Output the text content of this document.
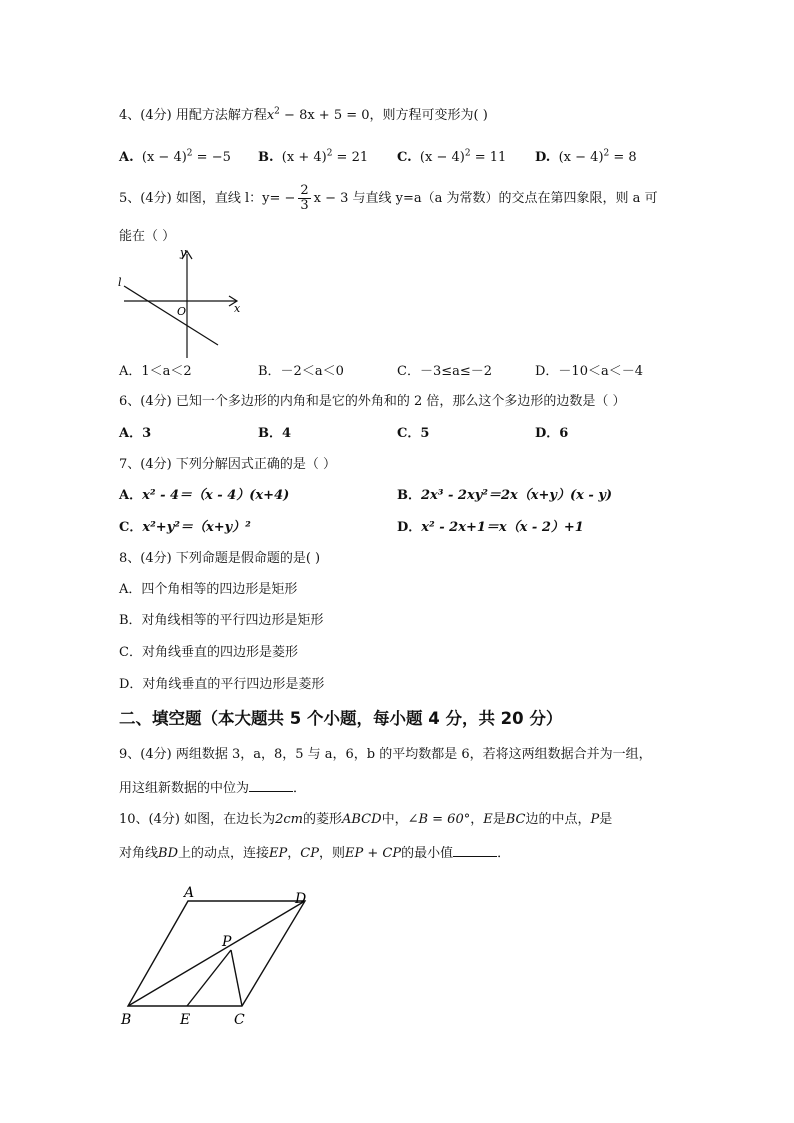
4、(4分) 用配方法解方程$x^2 - 8x + 5 = 0$，则方程可变形为( )
A. $(x - 4)^2 = -5$ B. $(x + 4)^2 = 21$ C. $(x - 4)^2 = 11$ D. $(x - 4)^2 = 8$
5、(4分) 如图，直线 l：$y= - \frac{2}{3}$ x − 3 与直线 y=a（a 为常数）的交点在第四象限，则 a 可
能在（ ）
y
x
O
l
A．1＜a＜2	B．－2＜a＜0	C．－3≤a≤－2	D．－10＜a＜－4
6、(4分) 已知一个多边形的内角和是它的外角和的 2 倍，那么这个多边形的边数是（ ）
A．3	B．4	C．5	D．6
7、(4分) 下列分解因式正确的是（ ）
A．x² - 4＝（x - 4）(x+4)	B．2x³ - 2xy²＝2x（x+y）(x - y)
C．x²+y²＝（x+y）²	D．x² - 2x+1＝x（x - 2）+1
8、(4分) 下列命题是假命题的是( )
A．四个角相等的四边形是矩形
B．对角线相等的平行四边形是矩形
C．对角线垂直的四边形是菱形
D．对角线垂直的平行四边形是菱形
二、填空题（本大题共 5 个小题，每小题 4 分，共 20 分）
9、(4分) 两组数据 3，a，8，5 与 a，6，b 的平均数都是 6，若将这两组数据合并为一组，
用这组新数据的中位为	．
10、(4分) 如图，在边长为2cm的菱形ABCD中，∠B = 60°，E是BC边的中点，P是
对角线BD上的动点，连接EP，CP，则EP + CP的最小值	．
A	D
P
B	E	C
